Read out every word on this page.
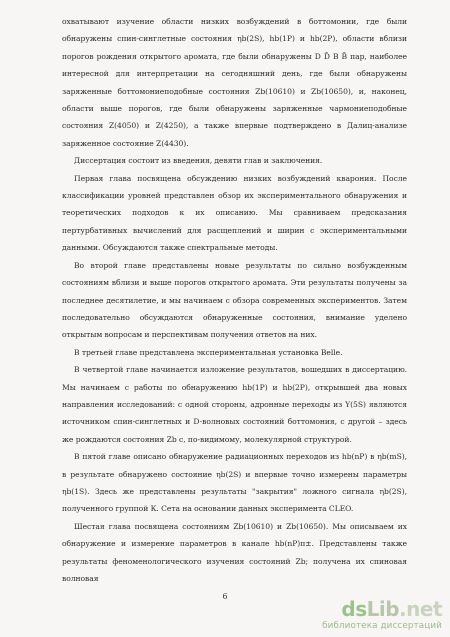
охватывают изучение области низких возбуждений в боттомонии, где были обнаружены спин-синглетные состояния ηb(2S), hb(1P) и hb(2P), области вблизи порогов рождения открытого аромата, где были обнаружены D D̄ B B̄ пар, наиболее интересной для интерпретации на сегодняшний день, где были обнаружены заряженные боттомониеподобные состояния Zb(10610) и Zb(10650), и, наконец, области выше порогов, где были обнаружены заряженные чармониеподобные состояния Z(4050) и Z(4250), а также впервые подтверждено в Далиц-анализе заряженное состояние Z(4430).

Диссертация состоит из введения, девяти глав и заключения.

Первая глава посвящена обсуждению низких возбуждений кварония. После классификации уровней представлен обзор их экспериментального обнаружения и теоретических подходов к их описанию. Мы сравниваем предсказания пертурбативных вычислений для расщеплений и ширин с экспериментальными данными. Обсуждаются также спектральные методы.

Во второй главе представлены новые результаты по сильно возбужденным состояниям вблизи и выше порогов открытого аромата. Эти результаты получены за последнее десятилетие, и мы начинаем с обзора современных экспериментов. Затем последовательно обсуждаются обнаруженные состояния, внимание уделено открытым вопросам и перспективам получения ответов на них.

В третьей главе представлена экспериментальная установка Belle.

В четвертой главе начинается изложение результатов, вошедших в диссертацию. Мы начинаем с работы по обнаружению hb(1P) и hb(2P), открывшей два новых направления исследований: с одной стороны, адронные переходы из Υ(5S) являются источником спин-синглетных и D-волновых состояний боттомония, с другой – здесь же рождаются состояния Zb с, по-видимому, молекулярной структурой.

В пятой главе описано обнаружение радиационных переходов из hb(nP) в ηb(mS), в результате обнаружено состояние ηb(2S) и впервые точно измерены параметры ηb(1S). Здесь же представлены результаты "закрытия" ложного сигнала ηb(2S), полученного группой К. Сета на основании данных эксперимента CLEO.

Шестая глава посвящена состояниям Zb(10610) и Zb(10650). Мы описываем их обнаружение и измерение параметров в канале hb(nP)π±. Представлены также результаты феноменологического изучения состояний Zb; получена их спиновая волновая

6
dsLib.net
библиотека диссертаций
